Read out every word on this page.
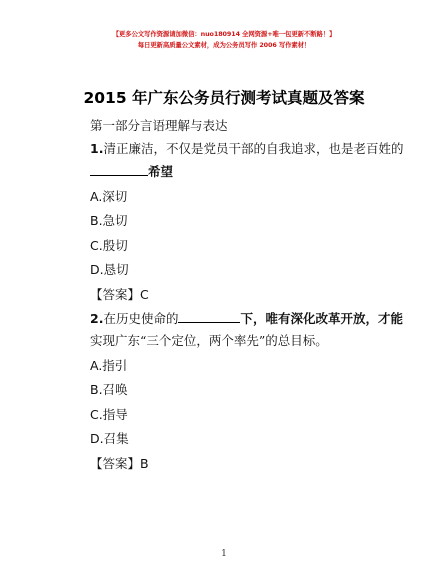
【更多公文写作资源请加微信：nuo180914 全网资源+唯一包更新不断路！】
每日更新高质量公文素材，成为公务员写作 2006 写作素材！
2015 年广东公务员行测考试真题及答案
第一部分言语理解与表达
1.清正廉洁，不仅是党员干部的自我追求，也是老百姓的
希望
A.深切
B.急切
C.殷切
D.恳切
【答案】C
2.在历史使命的	下，唯有深化改革开放，才能
实现广东“三个定位，两个率先”的总目标。
A.指引
B.召唤
C.指导
D.召集
【答案】B
1
